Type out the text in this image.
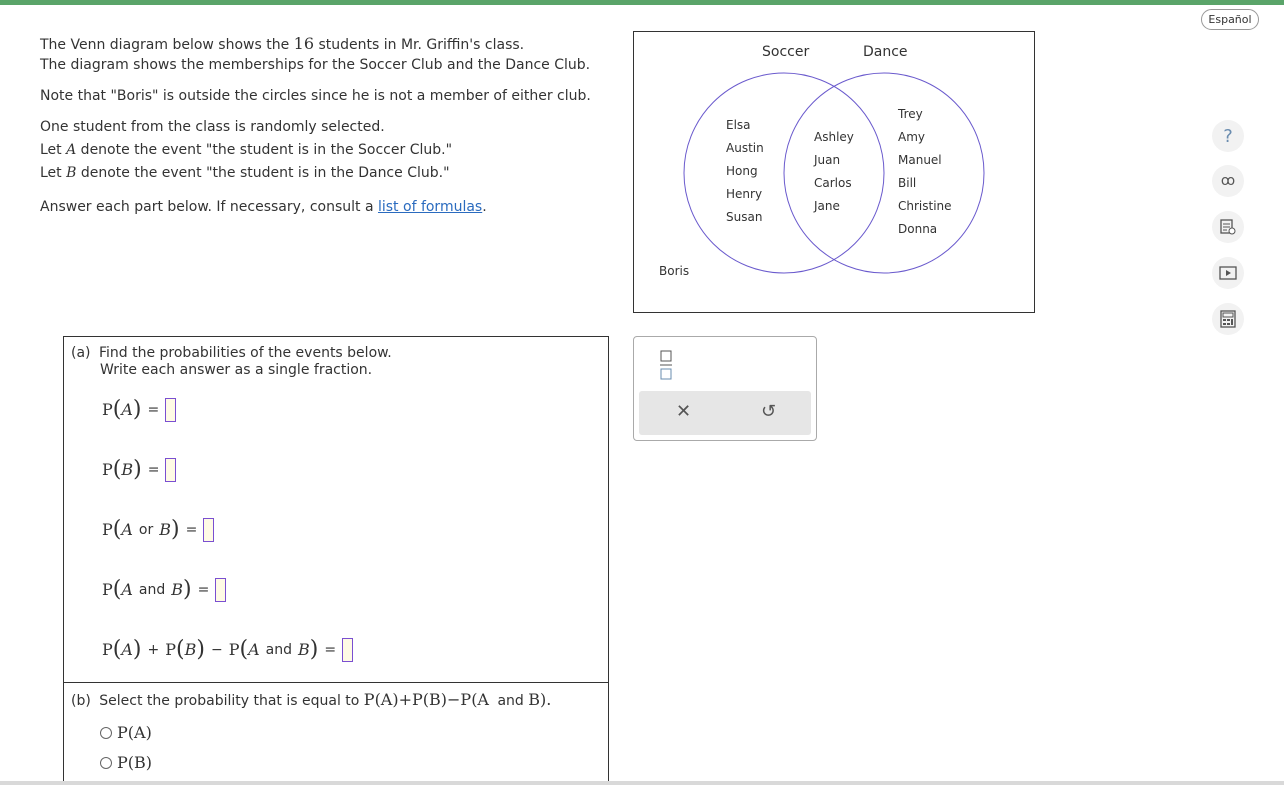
Español

The Venn diagram below shows the 16 students in Mr. Griffin's class.

The diagram shows the memberships for the Soccer Club and the Dance Club.

Note that "Boris" is outside the circles since he is not a member of either club.

One student from the class is randomly selected.

Let A denote the event "the student is in the Soccer Club."

Let B denote the event "the student is in the Dance Club."

Answer each part below. If necessary, consult a list of formulas.

Soccer	Dance
Elsa
Austin
Hong
Henry
Susan
Ashley
Juan
Carlos
Jane
Trey
Amy
Manuel
Bill
Christine
Donna
Boris
?
ꝏ
(a) Find the probabilities of the events below.
Write each answer as a single fraction.
P ( A ) =
P ( B ) =
P ( A or B ) =
P ( A and B ) =
P ( A ) + P ( B ) − P ( A and B ) =
(b) Select the probability that is equal to P(A)+P(B)−P(A and B).
P(A)
P(B)
✕	↺
